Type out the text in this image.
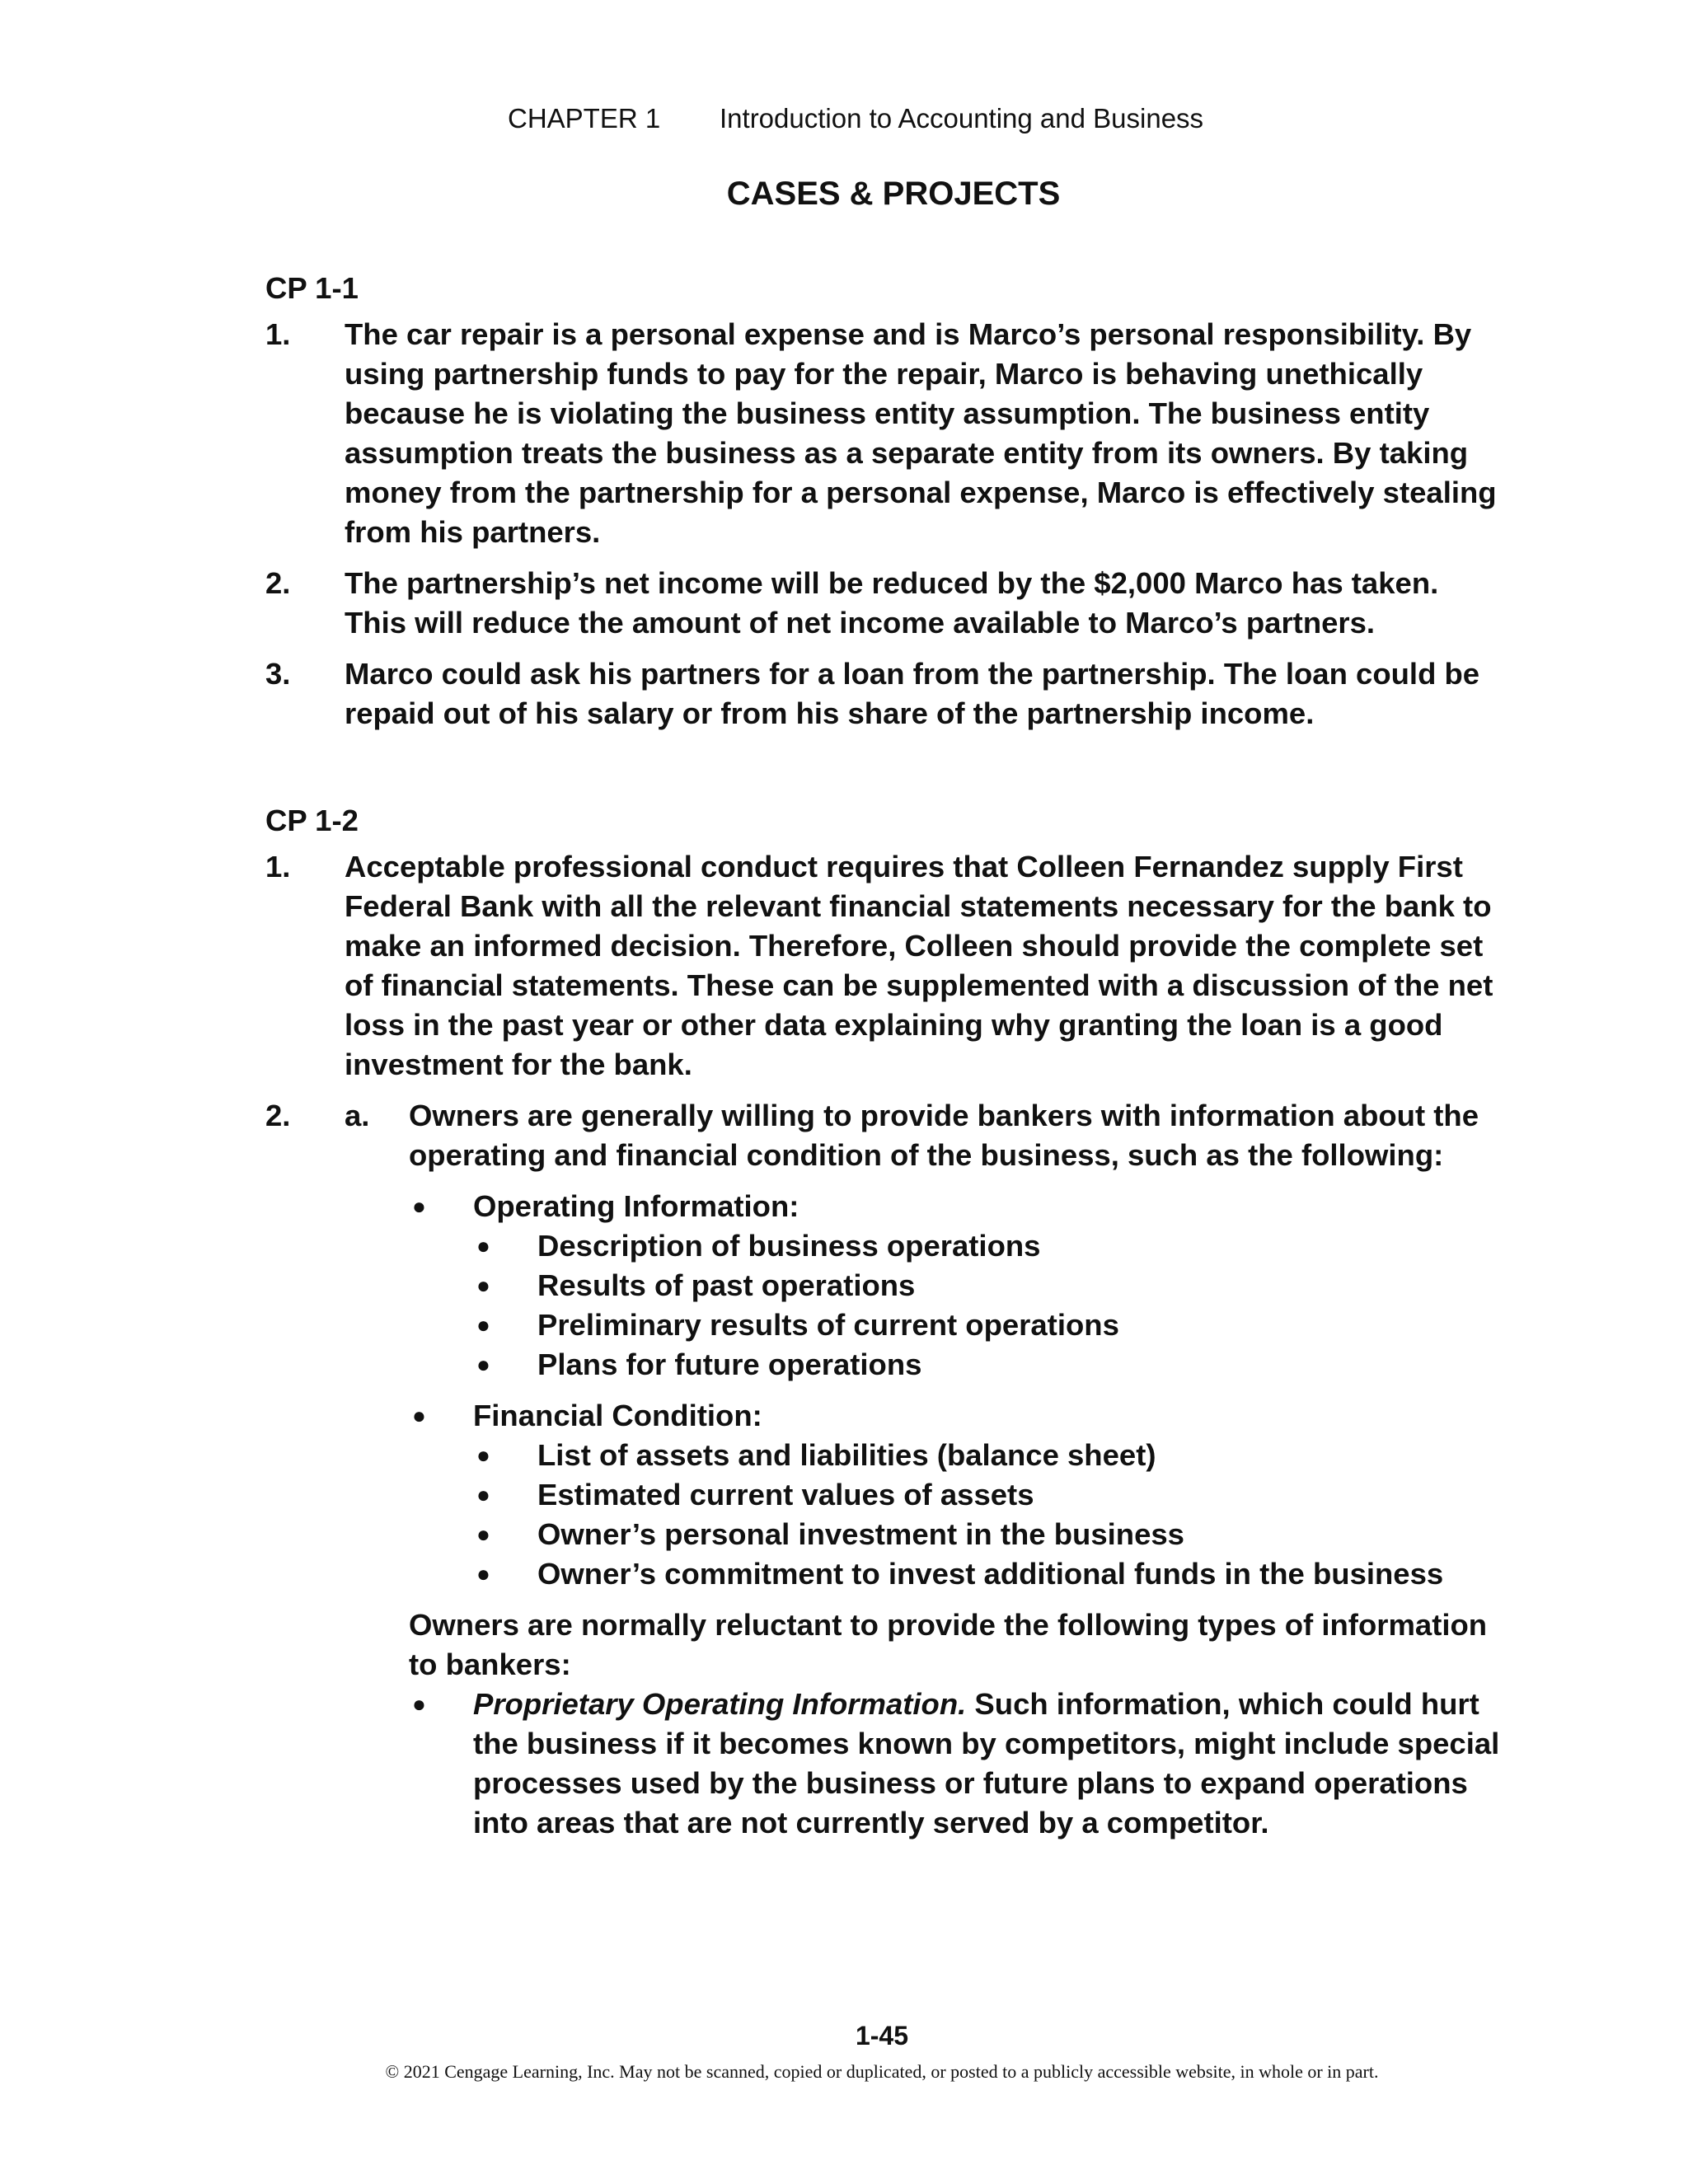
CHAPTER 1 Introduction to Accounting and Business
CASES & PROJECTS
CP 1-1
1. The car repair is a personal expense and is Marco’s personal responsibility. By using partnership funds to pay for the repair, Marco is behaving unethically because he is violating the business entity assumption. The business entity assumption treats the business as a separate entity from its owners. By taking money from the partnership for a personal expense, Marco is effectively stealing from his partners.
2. The partnership’s net income will be reduced by the $2,000 Marco has taken. This will reduce the amount of net income available to Marco’s partners.
3. Marco could ask his partners for a loan from the partnership. The loan could be repaid out of his salary or from his share of the partnership income.
CP 1-2
1. Acceptable professional conduct requires that Colleen Fernandez supply First Federal Bank with all the relevant financial statements necessary for the bank to make an informed decision. Therefore, Colleen should provide the complete set of financial statements. These can be supplemented with a discussion of the net loss in the past year or other data explaining why granting the loan is a good investment for the bank.
2. a. Owners are generally willing to provide bankers with information about the operating and financial condition of the business, such as the following:
● Operating Information:
● Description of business operations
● Results of past operations
● Preliminary results of current operations
● Plans for future operations
● Financial Condition:
● List of assets and liabilities (balance sheet)
● Estimated current values of assets
● Owner’s personal investment in the business
● Owner’s commitment to invest additional funds in the business
Owners are normally reluctant to provide the following types of information to bankers:
● Proprietary Operating Information. Such information, which could hurt the business if it becomes known by competitors, might include special processes used by the business or future plans to expand operations into areas that are not currently served by a competitor.
1-45
© 2021 Cengage Learning, Inc. May not be scanned, copied or duplicated, or posted to a publicly accessible website, in whole or in part.
